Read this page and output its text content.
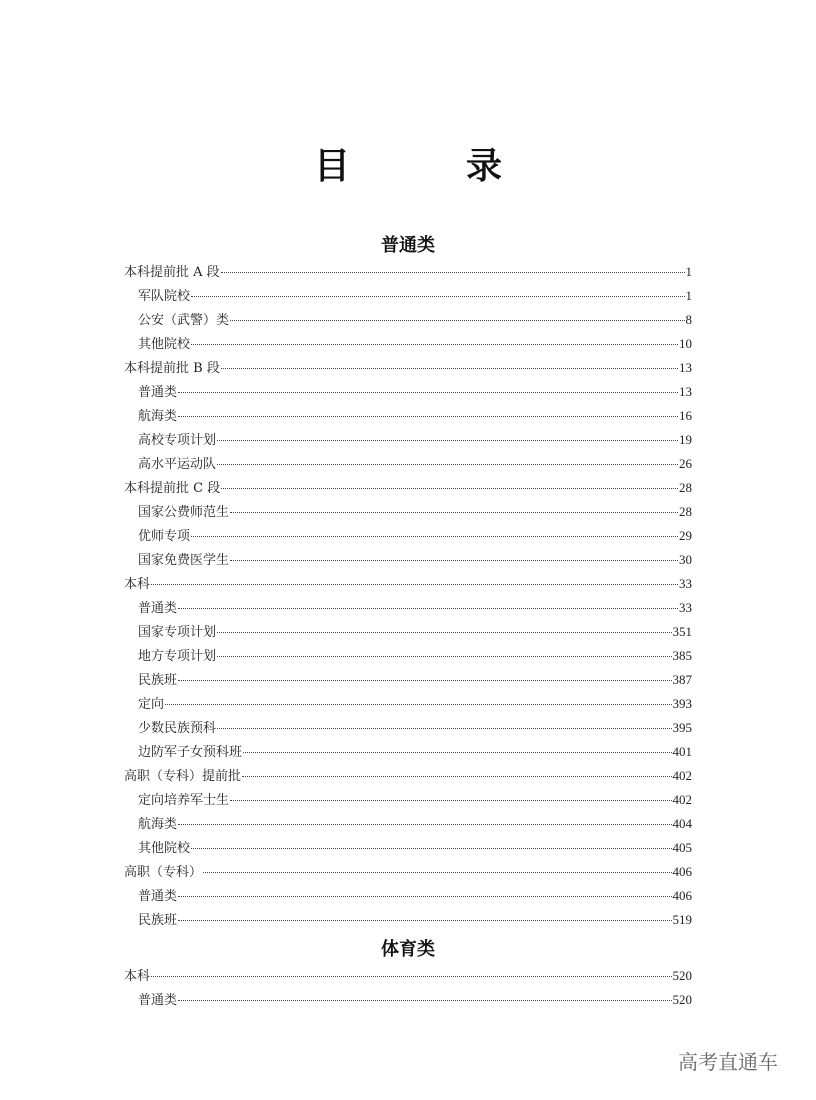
目　录
普通类
本科提前批 A 段	1
军队院校	1
公安（武警）类	8
其他院校	10
本科提前批 B 段	13
普通类	13
航海类	16
高校专项计划	19
高水平运动队	26
本科提前批 C 段	28
国家公费师范生	28
优师专项	29
国家免费医学生	30
本科	33
普通类	33
国家专项计划	351
地方专项计划	385
民族班	387
定向	393
少数民族预科	395
边防军子女预科班	401
高职（专科）提前批	402
定向培养军士生	402
航海类	404
其他院校	405
高职（专科）	406
普通类	406
民族班	519
体育类
本科	520
普通类	520
高考直通车
